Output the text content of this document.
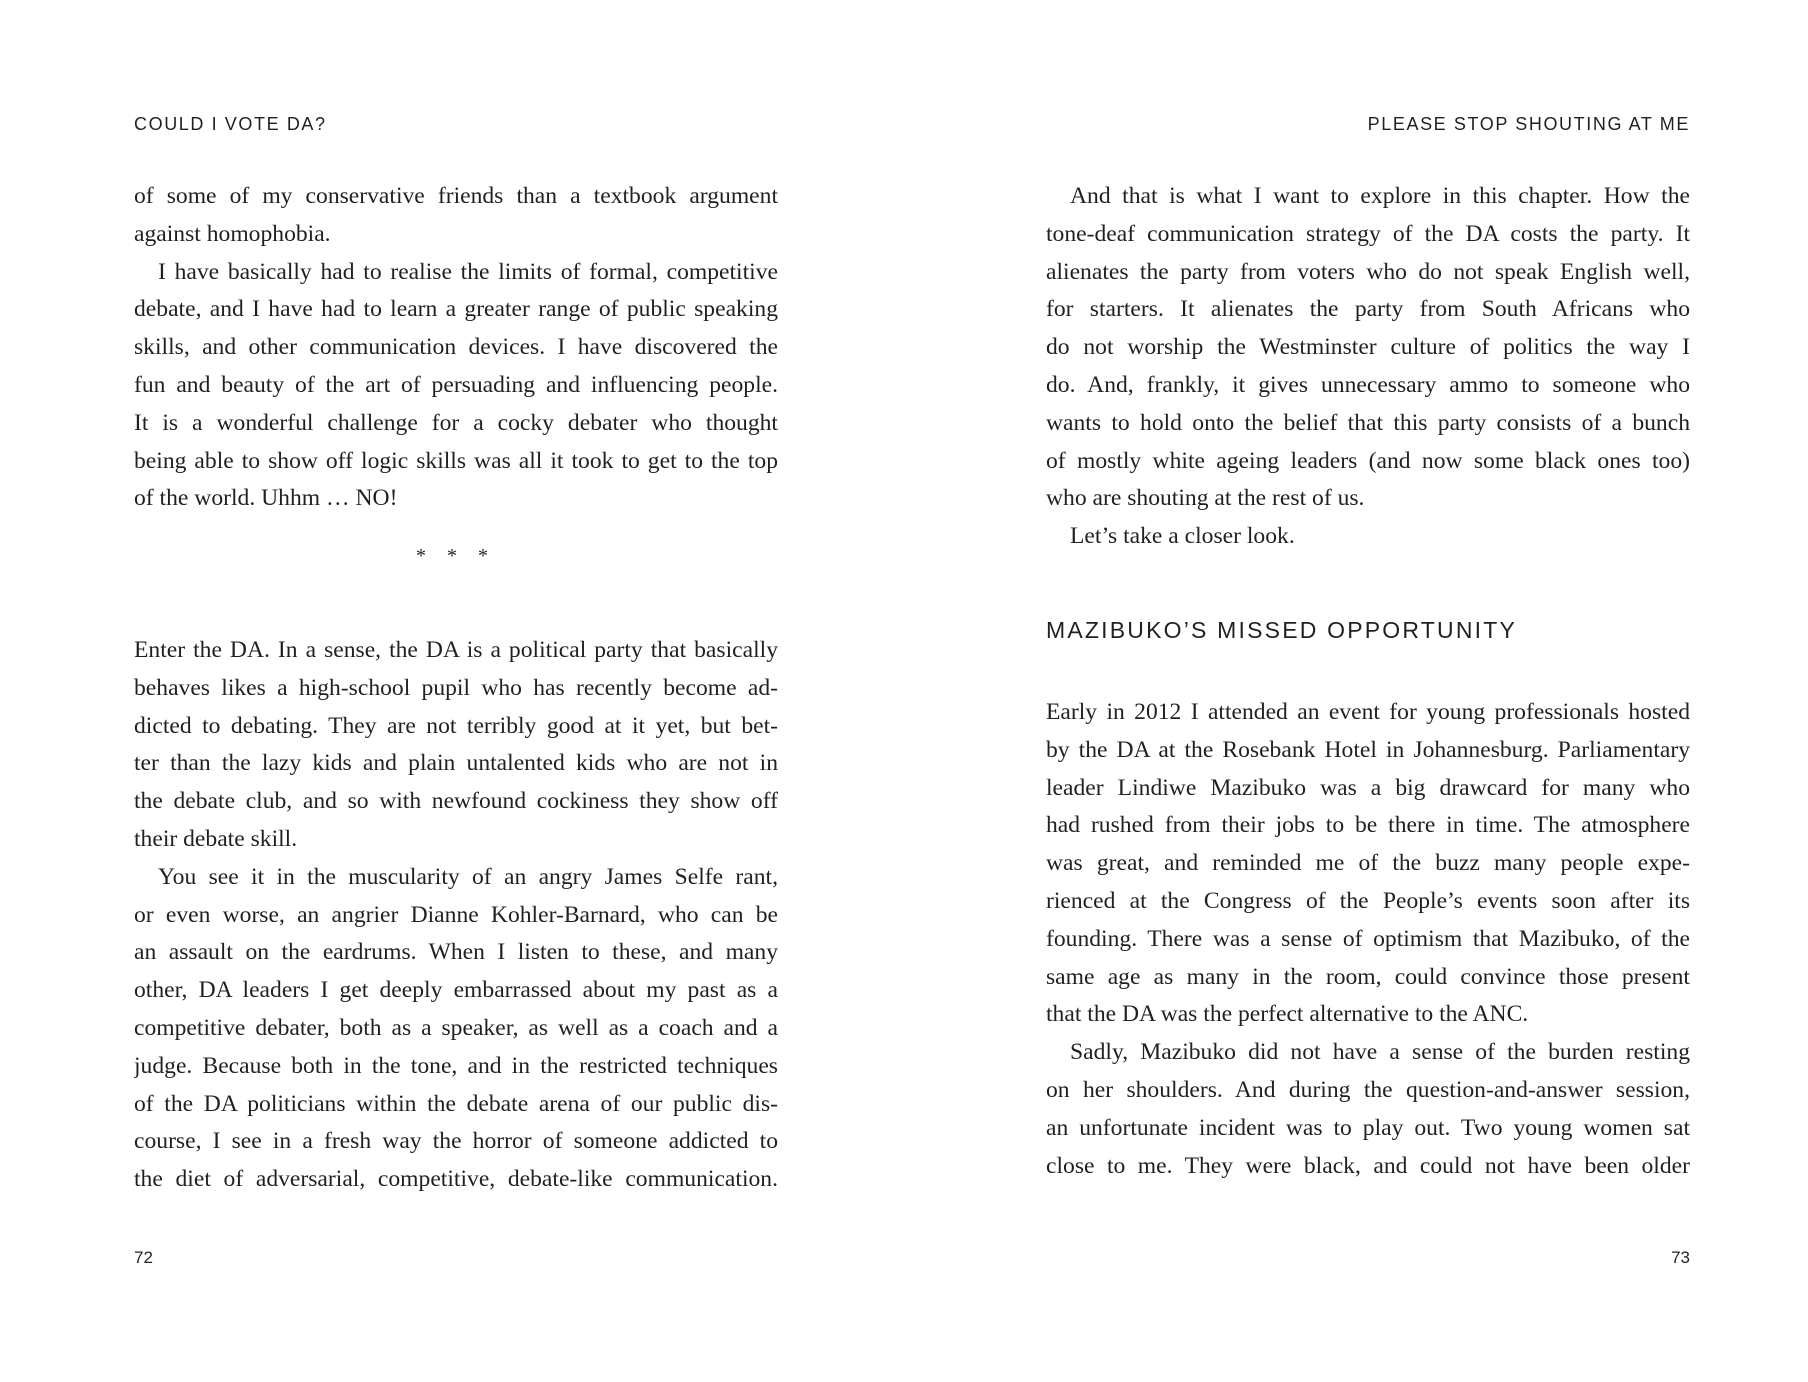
COULD I VOTE DA?
of some of my conservative friends than a textbook argument
against homophobia.
I have basically had to realise the limits of formal, competitive
debate, and I have had to learn a greater range of public speaking
skills, and other communication devices. I have discovered the
fun and beauty of the art of persuading and influencing people.
It is a wonderful challenge for a cocky debater who thought
being able to show off logic skills was all it took to get to the top
of the world. Uhhm … NO!
* * *
Enter the DA. In a sense, the DA is a political party that basically
behaves likes a high-school pupil who has recently become ad-
dicted to debating. They are not terribly good at it yet, but bet-
ter than the lazy kids and plain untalented kids who are not in
the debate club, and so with newfound cockiness they show off
their debate skill.
You see it in the muscularity of an angry James Selfe rant,
or even worse, an angrier Dianne Kohler-Barnard, who can be
an assault on the eardrums. When I listen to these, and many
other, DA leaders I get deeply embarrassed about my past as a
competitive debater, both as a speaker, as well as a coach and a
judge. Because both in the tone, and in the restricted techniques
of the DA politicians within the debate arena of our public dis-
course, I see in a fresh way the horror of someone addicted to
the diet of adversarial, competitive, debate-like communication.
72
PLEASE STOP SHOUTING AT ME
And that is what I want to explore in this chapter. How the
tone-deaf communication strategy of the DA costs the party. It
alienates the party from voters who do not speak English well,
for starters. It alienates the party from South Africans who
do not worship the Westminster culture of politics the way I
do. And, frankly, it gives unnecessary ammo to someone who
wants to hold onto the belief that this party consists of a bunch
of mostly white ageing leaders (and now some black ones too)
who are shouting at the rest of us.
Let’s take a closer look.
MAZIBUKO’S MISSED OPPORTUNITY
Early in 2012 I attended an event for young professionals hosted
by the DA at the Rosebank Hotel in Johannesburg. Parliamentary
leader Lindiwe Mazibuko was a big drawcard for many who
had rushed from their jobs to be there in time. The atmosphere
was great, and reminded me of the buzz many people expe-
rienced at the Congress of the People’s events soon after its
founding. There was a sense of optimism that Mazibuko, of the
same age as many in the room, could convince those present
that the DA was the perfect alternative to the ANC.
Sadly, Mazibuko did not have a sense of the burden resting
on her shoulders. And during the question-and-answer session,
an unfortunate incident was to play out. Two young women sat
close to me. They were black, and could not have been older
73
